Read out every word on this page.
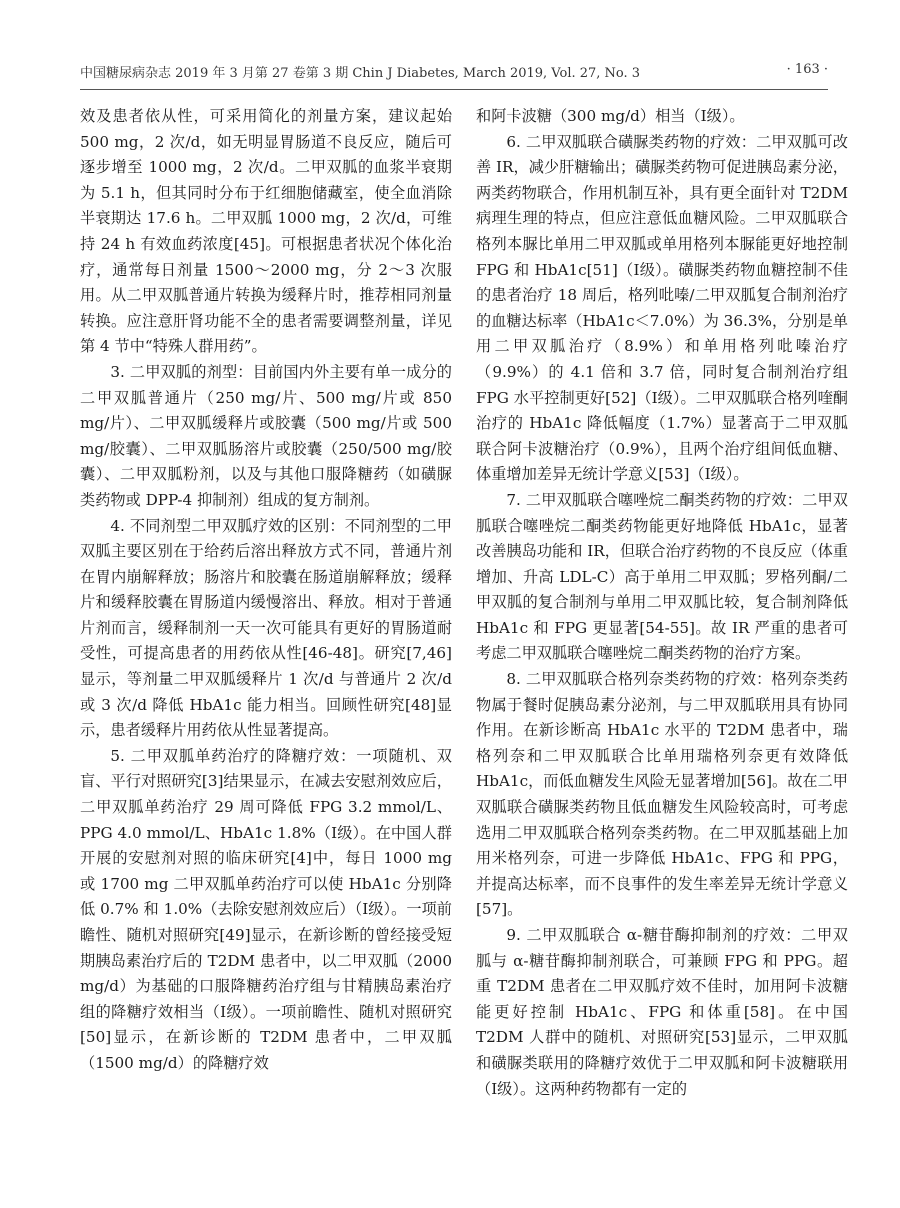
中国糖尿病杂志 2019 年 3 月第 27 卷第 3 期 Chin J Diabetes, March 2019, Vol. 27, No. 3	· 163 ·

效及患者依从性，可采用简化的剂量方案，建议起始 500 mg，2 次/d，如无明显胃肠道不良反应，随后可逐步增至 1000 mg，2 次/d。二甲双胍的血浆半衰期为 5.1 h，但其同时分布于红细胞储藏室，使全血消除半衰期达 17.6 h。二甲双胍 1000 mg，2 次/d，可维持 24 h 有效血药浓度[45]。可根据患者状况个体化治疗，通常每日剂量 1500～2000 mg，分 2～3 次服用。从二甲双胍普通片转换为缓释片时，推荐相同剂量转换。应注意肝肾功能不全的患者需要调整剂量，详见第 4 节中“特殊人群用药”。

3. 二甲双胍的剂型：目前国内外主要有单一成分的二甲双胍普通片（250 mg/片、500 mg/片或 850 mg/片）、二甲双胍缓释片或胶囊（500 mg/片或 500 mg/胶囊）、二甲双胍肠溶片或胶囊（250/500 mg/胶囊）、二甲双胍粉剂，以及与其他口服降糖药（如磺脲类药物或 DPP-4 抑制剂）组成的复方制剂。

4. 不同剂型二甲双胍疗效的区别：不同剂型的二甲双胍主要区别在于给药后溶出释放方式不同，普通片剂在胃内崩解释放；肠溶片和胶囊在肠道崩解释放；缓释片和缓释胶囊在胃肠道内缓慢溶出、释放。相对于普通片剂而言，缓释制剂一天一次可能具有更好的胃肠道耐受性，可提高患者的用药依从性[46-48]。研究[7,46]显示，等剂量二甲双胍缓释片 1 次/d 与普通片 2 次/d 或 3 次/d 降低 HbA1c 能力相当。回顾性研究[48]显示，患者缓释片用药依从性显著提高。

5. 二甲双胍单药治疗的降糖疗效：一项随机、双盲、平行对照研究[3]结果显示，在减去安慰剂效应后，二甲双胍单药治疗 29 周可降低 FPG 3.2 mmol/L、PPG 4.0 mmol/L、HbA1c 1.8%（Ⅰ级）。在中国人群开展的安慰剂对照的临床研究[4]中，每日 1000 mg 或 1700 mg 二甲双胍单药治疗可以使 HbA1c 分别降低 0.7% 和 1.0%（去除安慰剂效应后）（Ⅰ级）。一项前瞻性、随机对照研究[49]显示，在新诊断的曾经接受短期胰岛素治疗后的 T2DM 患者中，以二甲双胍（2000 mg/d）为基础的口服降糖药治疗组与甘精胰岛素治疗组的降糖疗效相当（Ⅰ级）。一项前瞻性、随机对照研究[50]显示，在新诊断的 T2DM 患者中，二甲双胍（1500 mg/d）的降糖疗效

和阿卡波糖（300 mg/d）相当（Ⅰ级）。

6. 二甲双胍联合磺脲类药物的疗效：二甲双胍可改善 IR，减少肝糖输出；磺脲类药物可促进胰岛素分泌，两类药物联合，作用机制互补，具有更全面针对 T2DM 病理生理的特点，但应注意低血糖风险。二甲双胍联合格列本脲比单用二甲双胍或单用格列本脲能更好地控制 FPG 和 HbA1c[51]（Ⅰ级）。磺脲类药物血糖控制不佳的患者治疗 18 周后，格列吡嗪/二甲双胍复合制剂治疗的血糖达标率（HbA1c＜7.0%）为 36.3%，分别是单用二甲双胍治疗（8.9%）和单用格列吡嗪治疗（9.9%）的 4.1 倍和 3.7 倍，同时复合制剂治疗组 FPG 水平控制更好[52]（Ⅰ级）。二甲双胍联合格列喹酮治疗的 HbA1c 降低幅度（1.7%）显著高于二甲双胍联合阿卡波糖治疗（0.9%），且两个治疗组间低血糖、体重增加差异无统计学意义[53]（Ⅰ级）。

7. 二甲双胍联合噻唑烷二酮类药物的疗效：二甲双胍联合噻唑烷二酮类药物能更好地降低 HbA1c，显著改善胰岛功能和 IR，但联合治疗药物的不良反应（体重增加、升高 LDL-C）高于单用二甲双胍；罗格列酮/二甲双胍的复合制剂与单用二甲双胍比较，复合制剂降低 HbA1c 和 FPG 更显著[54-55]。故 IR 严重的患者可考虑二甲双胍联合噻唑烷二酮类药物的治疗方案。

8. 二甲双胍联合格列奈类药物的疗效：格列奈类药物属于餐时促胰岛素分泌剂，与二甲双胍联用具有协同作用。在新诊断高 HbA1c 水平的 T2DM 患者中，瑞格列奈和二甲双胍联合比单用瑞格列奈更有效降低 HbA1c，而低血糖发生风险无显著增加[56]。故在二甲双胍联合磺脲类药物且低血糖发生风险较高时，可考虑选用二甲双胍联合格列奈类药物。在二甲双胍基础上加用米格列奈，可进一步降低 HbA1c、FPG 和 PPG，并提高达标率，而不良事件的发生率差异无统计学意义[57]。

9. 二甲双胍联合 α-糖苷酶抑制剂的疗效：二甲双胍与 α-糖苷酶抑制剂联合，可兼顾 FPG 和 PPG。超重 T2DM 患者在二甲双胍疗效不佳时，加用阿卡波糖能更好控制 HbA1c、FPG 和体重[58]。在中国 T2DM 人群中的随机、对照研究[53]显示，二甲双胍和磺脲类联用的降糖疗效优于二甲双胍和阿卡波糖联用（Ⅰ级）。这两种药物都有一定的
